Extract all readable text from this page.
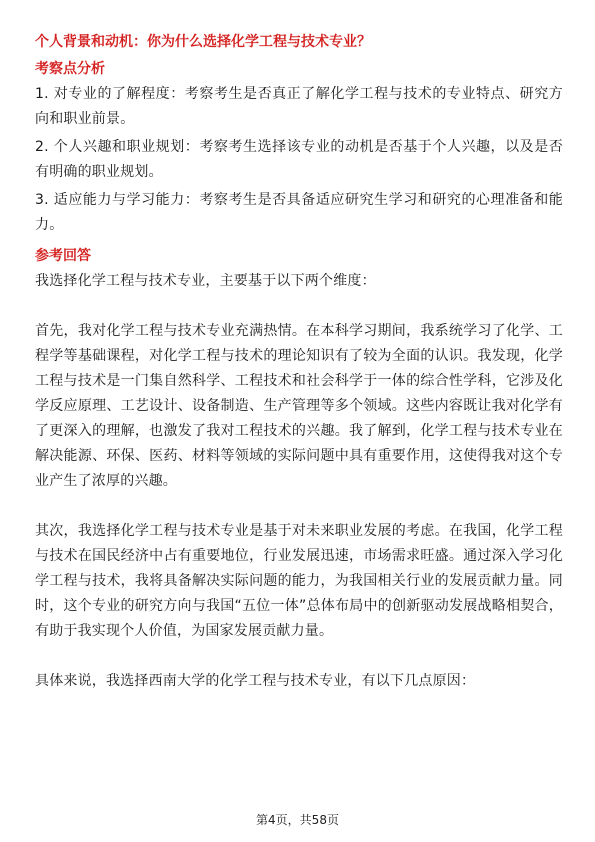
个人背景和动机：你为什么选择化学工程与技术专业？

考察点分析

1. 对专业的了解程度：考察考生是否真正了解化学工程与技术的专业特点、研究方向和职业前景。

2. 个人兴趣和职业规划：考察考生选择该专业的动机是否基于个人兴趣，以及是否有明确的职业规划。

3. 适应能力与学习能力：考察考生是否具备适应研究生学习和研究的心理准备和能力。

参考回答

我选择化学工程与技术专业，主要基于以下两个维度：

首先，我对化学工程与技术专业充满热情。在本科学习期间，我系统学习了化学、工程学等基础课程，对化学工程与技术的理论知识有了较为全面的认识。我发现，化学工程与技术是一门集自然科学、工程技术和社会科学于一体的综合性学科，它涉及化学反应原理、工艺设计、设备制造、生产管理等多个领域。这些内容既让我对化学有了更深入的理解，也激发了我对工程技术的兴趣。我了解到，化学工程与技术专业在解决能源、环保、医药、材料等领域的实际问题中具有重要作用，这使得我对这个专业产生了浓厚的兴趣。

其次，我选择化学工程与技术专业是基于对未来职业发展的考虑。在我国，化学工程与技术在国民经济中占有重要地位，行业发展迅速，市场需求旺盛。通过深入学习化学工程与技术，我将具备解决实际问题的能力，为我国相关行业的发展贡献力量。同时，这个专业的研究方向与我国“五位一体”总体布局中的创新驱动发展战略相契合，有助于我实现个人价值，为国家发展贡献力量。

具体来说，我选择西南大学的化学工程与技术专业，有以下几点原因：

第4页，共58页
